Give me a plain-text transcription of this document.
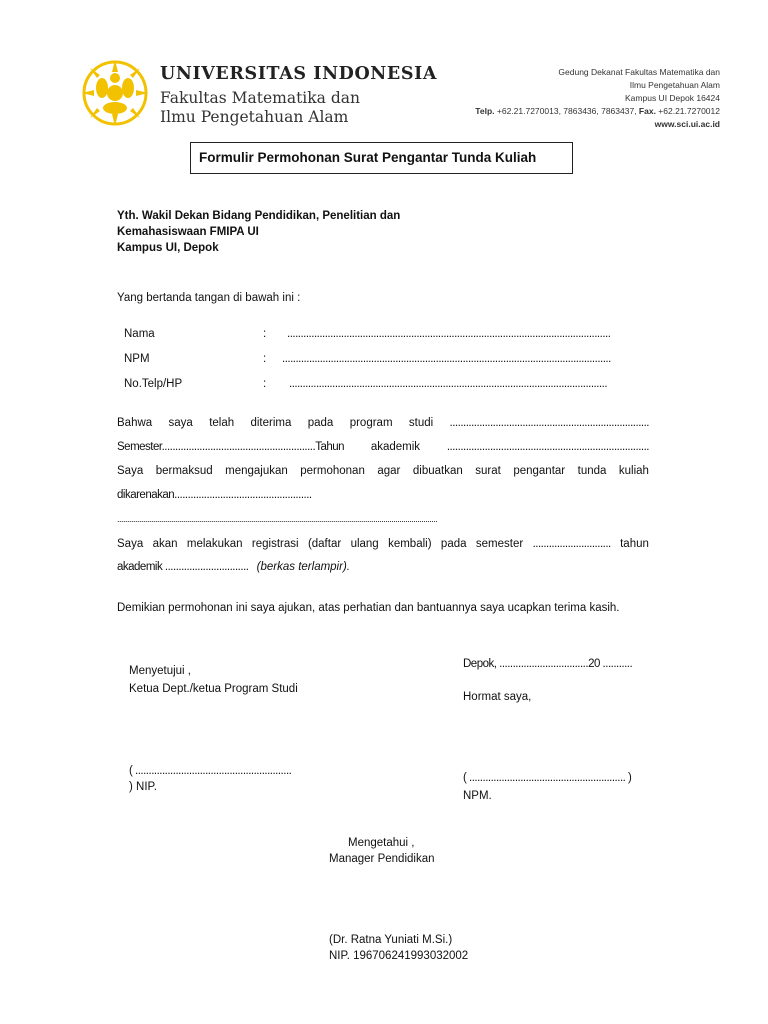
UNIVERSITAS INDONESIA
Fakultas Matematika dan
Ilmu Pengetahuan Alam
Gedung Dekanat Fakultas Matematika dan
Ilmu Pengetahuan Alam
Kampus UI Depok 16424
Telp. +62.21.7270013, 7863436, 7863437, Fax. +62.21.7270012
www.sci.ui.ac.id
Formulir Permohonan Surat Pengantar Tunda Kuliah
Yth. Wakil Dekan Bidang Pendidikan, Penelitian dan
Kemahasiswaan FMIPA UI
Kampus UI, Depok
Yang bertanda tangan di bawah ini :
Nama	: ........................................................................................................................
NPM	: ..........................................................................................................................
No.Telp/HP	: ......................................................................................................................
Bahwa saya telah diterima pada program studi ..........................................................................
Semester.........................................................Tahun akademik ...........................................................................
Saya bermaksud mengajukan permohonan agar dibuatkan surat pengantar tunda kuliah
dikarenakan...................................................
................................................................................................................................................................
Saya akan melakukan registrasi (daftar ulang kembali) pada semester ............................. tahun
akademik ............................... (berkas terlampir).
Demikian permohonan ini saya ajukan, atas perhatian dan bantuannya saya ucapkan terima kasih.
Menyetujui ,
Ketua Dept./ketua Program Studi
( ..........................................................
) NIP.
Depok, .................................20 ...........
Hormat saya,
( .......................................................... )
NPM.
Mengetahui ,
Manager Pendidikan
(Dr. Ratna Yuniati M.Si.)
NIP. 196706241993032002
